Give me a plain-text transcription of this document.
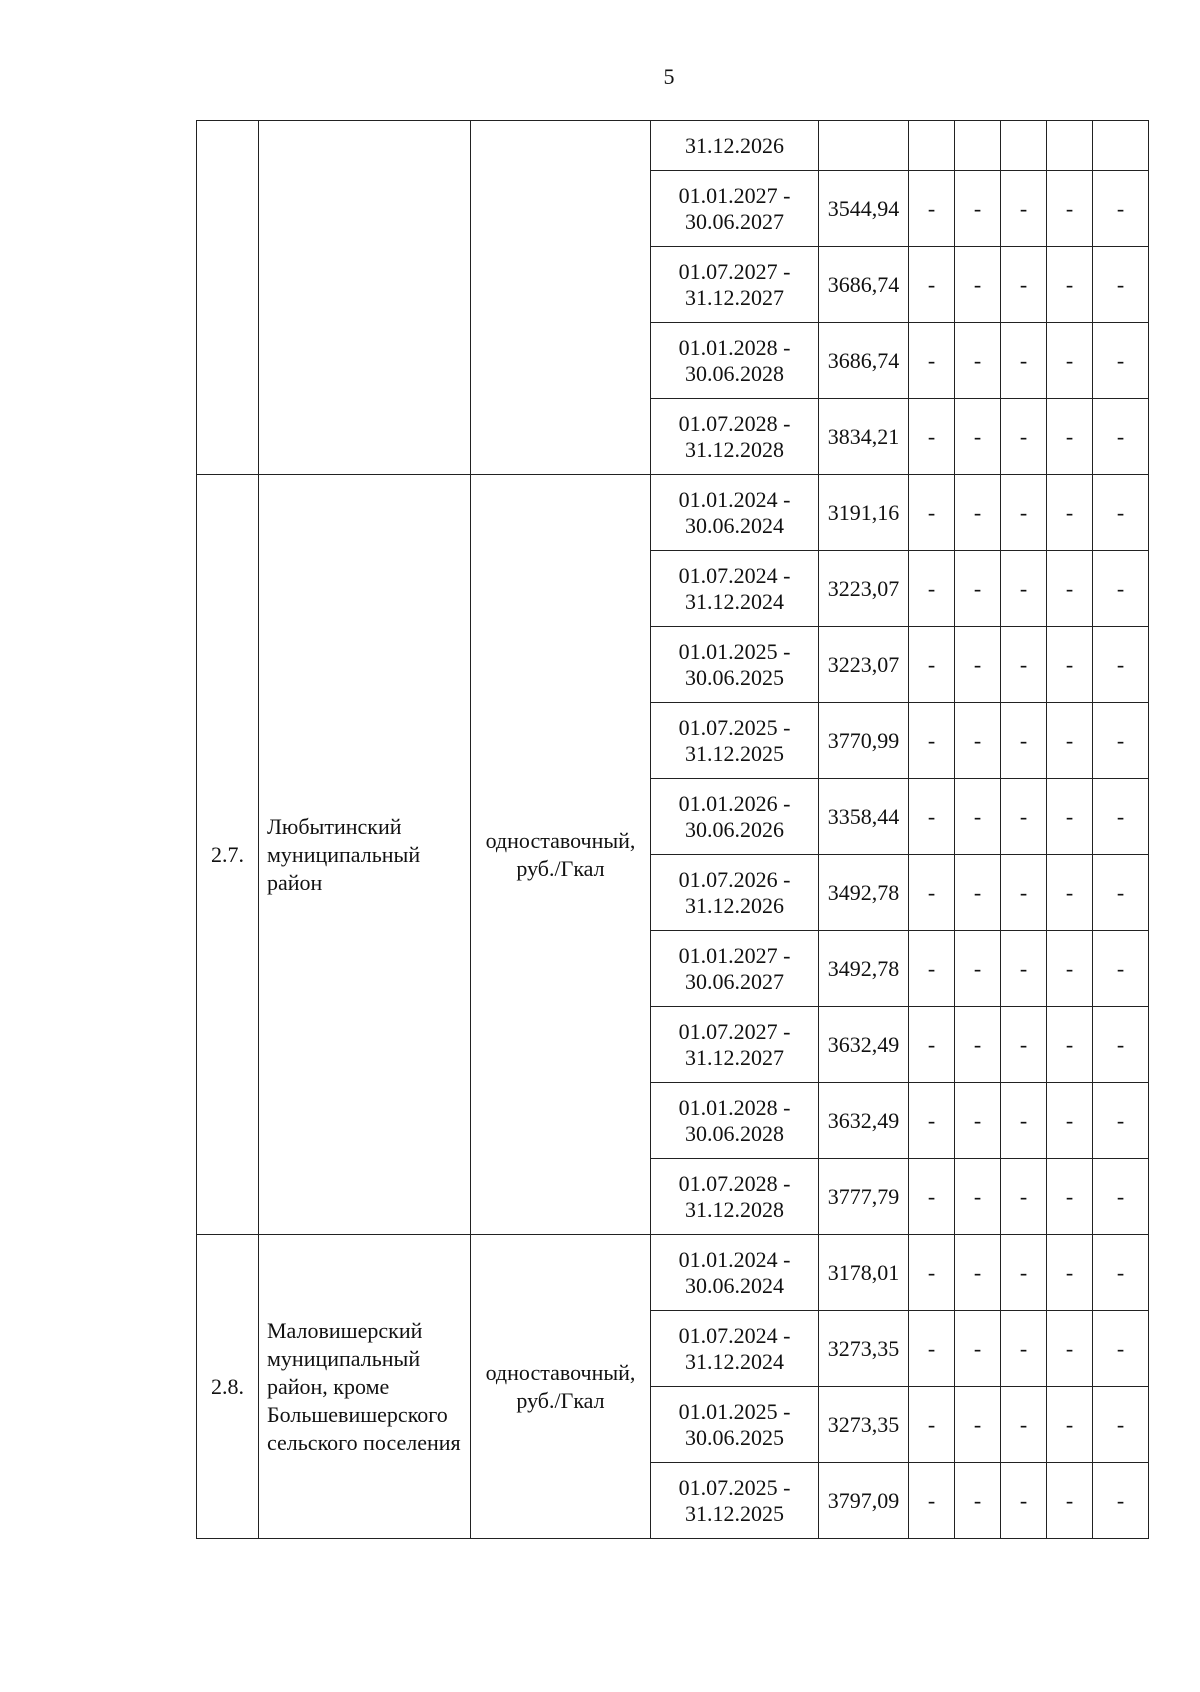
5
			31.12.2026						

			01.01.2027 -
30.06.2027	3544,94	-	-	-	-	-

			01.07.2027 -
31.12.2027	3686,74	-	-	-	-	-

			01.01.2028 -
30.06.2028	3686,74	-	-	-	-	-

			01.07.2028 -
31.12.2028	3834,21	-	-	-	-	-
2.7.	Любытинский муниципальный район	одноставочный, руб./Гкал	01.01.2024 -
30.06.2024	3191,16	-	-	-	-	-

			01.07.2024 -
31.12.2024	3223,07	-	-	-	-	-

			01.01.2025 -
30.06.2025	3223,07	-	-	-	-	-

			01.07.2025 -
31.12.2025	3770,99	-	-	-	-	-

			01.01.2026 -
30.06.2026	3358,44	-	-	-	-	-

			01.07.2026 -
31.12.2026	3492,78	-	-	-	-	-

			01.01.2027 -
30.06.2027	3492,78	-	-	-	-	-

			01.07.2027 -
31.12.2027	3632,49	-	-	-	-	-

			01.01.2028 -
30.06.2028	3632,49	-	-	-	-	-

			01.07.2028 -
31.12.2028	3777,79	-	-	-	-	-
2.8.	Маловишерский муниципальный район, кроме Большевишерского сельского поселения	одноставочный, руб./Гкал	01.01.2024 -
30.06.2024	3178,01	-	-	-	-	-

			01.07.2024 -
31.12.2024	3273,35	-	-	-	-	-

			01.01.2025 -
30.06.2025	3273,35	-	-	-	-	-

			01.07.2025 -
31.12.2025	3797,09	-	-	-	-	-
